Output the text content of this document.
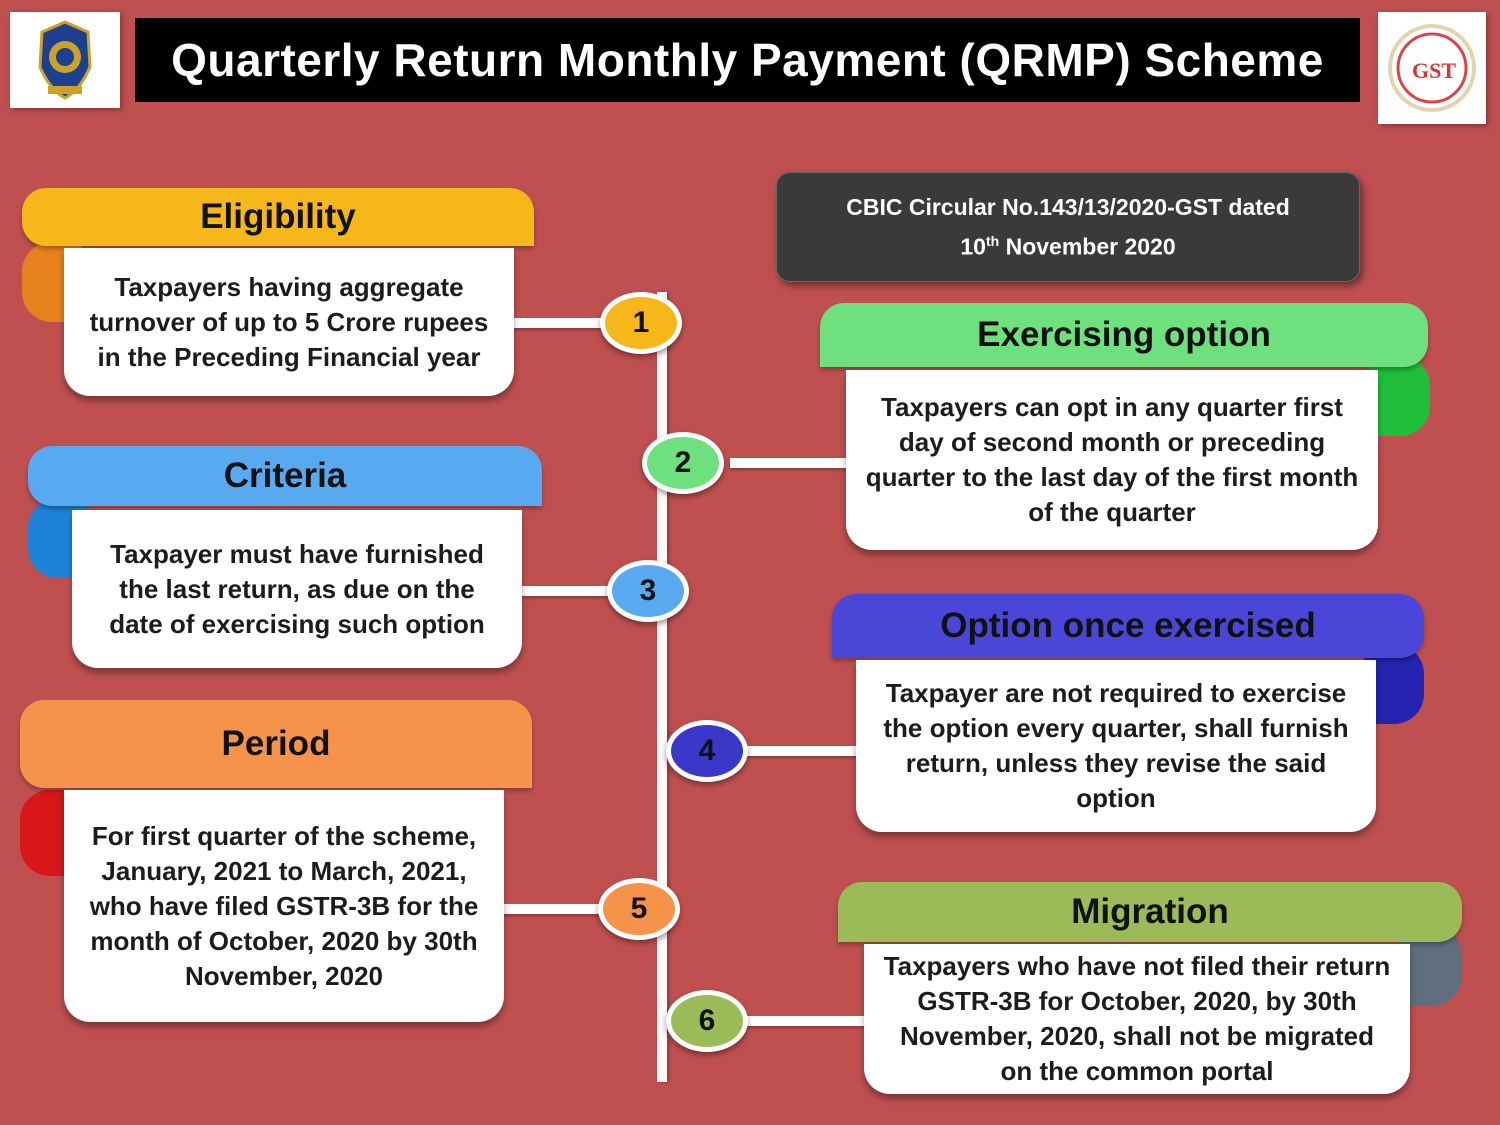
Quarterly Return Monthly Payment (QRMP) Scheme	GST
CBIC Circular No.143/13/2020-GST dated
10th November 2020
Eligibility
Taxpayers having aggregate turnover of up to 5 Crore rupees in the Preceding Financial year
Criteria
Taxpayer must have furnished the last return, as due on the date of exercising such option
Period
For first quarter of the scheme, January, 2021 to March, 2021, who have filed GSTR-3B for the month of October, 2020 by 30th November, 2020
Exercising option
Taxpayers can opt in any quarter first day of second month or preceding quarter to the last day of the first month of the quarter
Option once exercised
Taxpayer are not required to exercise the option every quarter, shall furnish return, unless they revise the said option
Migration
Taxpayers who have not filed their return GSTR-3B for October, 2020, by 30th November, 2020, shall not be migrated on the common portal
1
2
3
4
5
6
